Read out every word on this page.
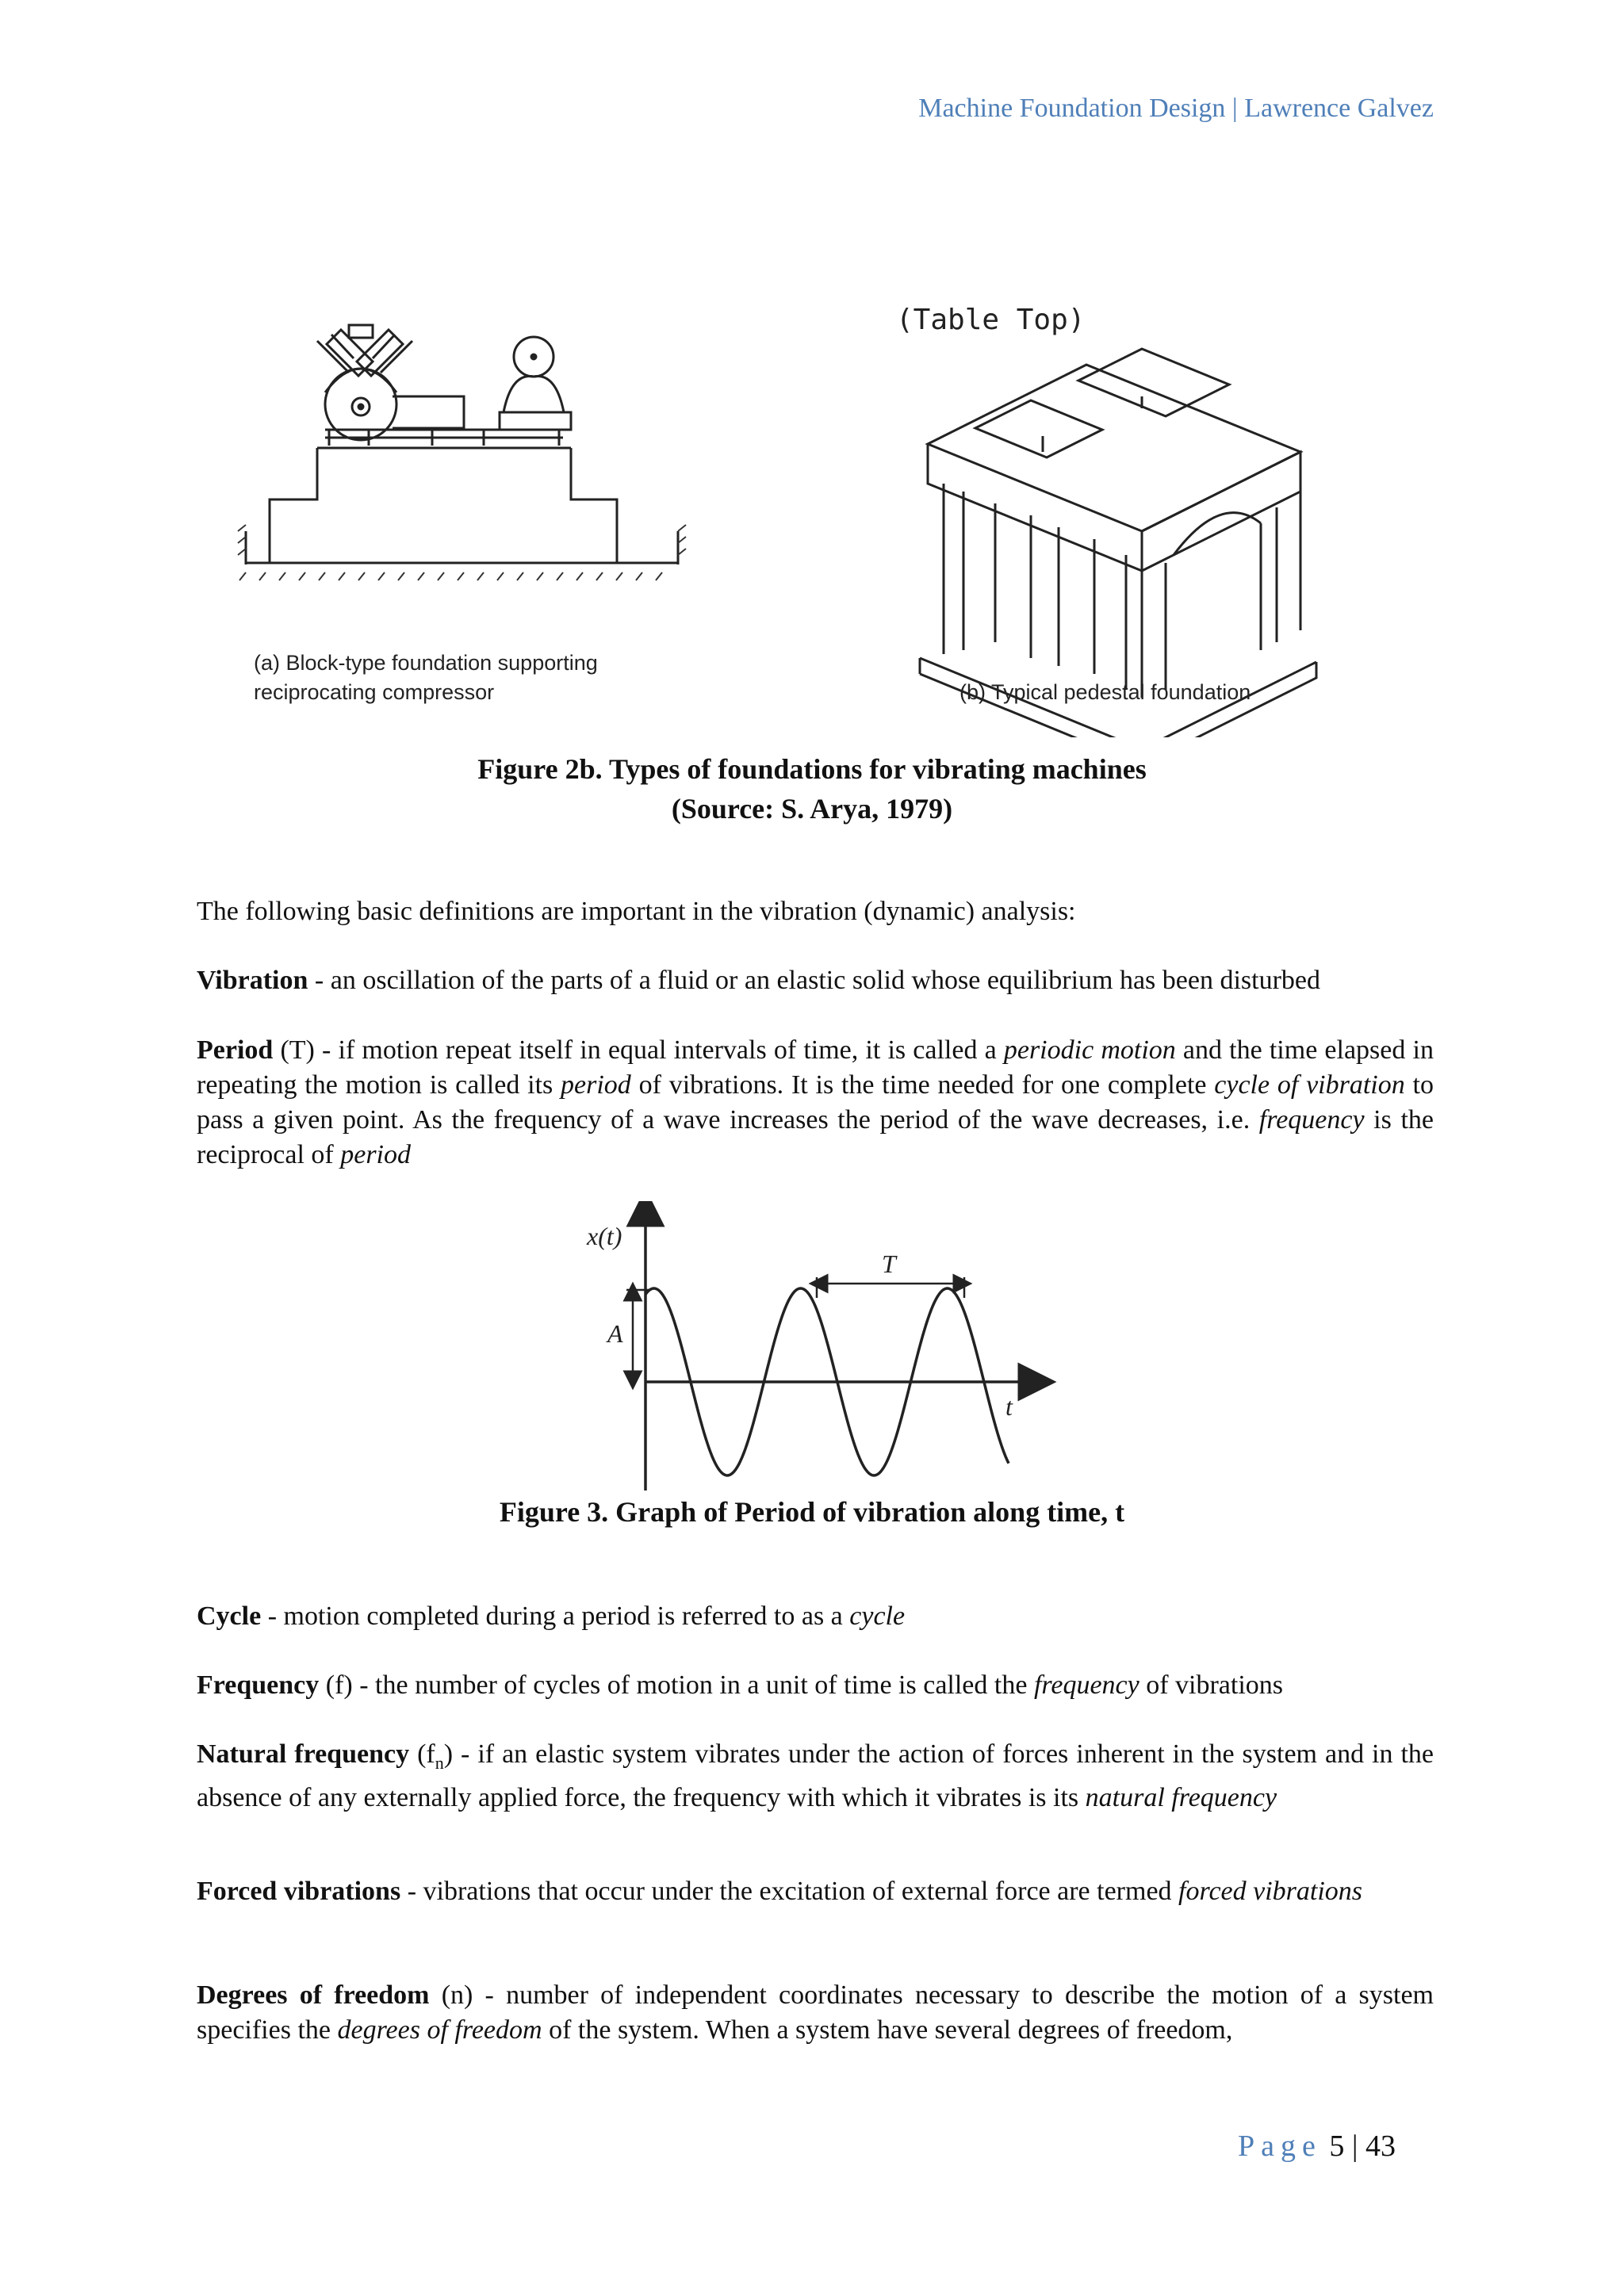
Machine Foundation Design | Lawrence Galvez
(a) Block-type foundation supporting
reciprocating compressor
(Table Top)
(b) Typical pedestal foundation
Figure 2b. Types of foundations for vibrating machines
(Source: S. Arya, 1979)
The following basic definitions are important in the vibration (dynamic) analysis:
Vibration - an oscillation of the parts of a fluid or an elastic solid whose equilibrium has been disturbed
Period (T) - if motion repeat itself in equal intervals of time, it is called a periodic motion and the time elapsed in repeating the motion is called its period of vibrations. It is the time needed for one complete cycle of vibration to pass a given point. As the frequency of a wave increases the period of the wave decreases, i.e. frequency is the reciprocal of period
x(t)
A
T
t
Figure 3. Graph of Period of vibration along time, t
Cycle - motion completed during a period is referred to as a cycle
Frequency (f) - the number of cycles of motion in a unit of time is called the frequency of vibrations
Natural frequency $(f_n)$ - if an elastic system vibrates under the action of forces inherent in the system and in the absence of any externally applied force, the frequency with which it vibrates is its natural frequency
Forced vibrations - vibrations that occur under the excitation of external force are termed forced vibrations
Degrees of freedom (n) - number of independent coordinates necessary to describe the motion of a system specifies the degrees of freedom of the system. When a system have several degrees of freedom,
Page 5 | 43
